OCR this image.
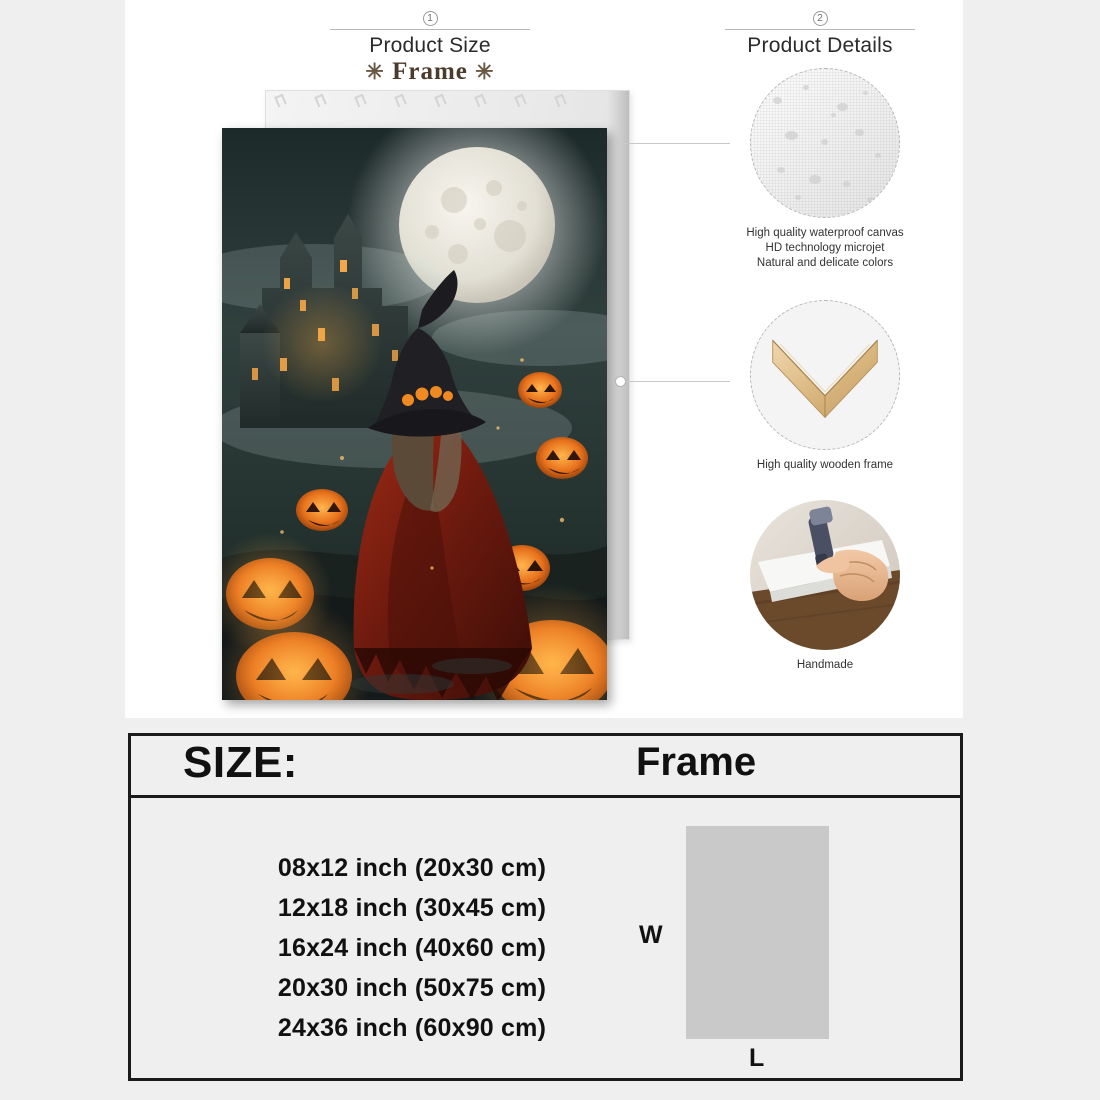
1
Product Size
2
Product Details
✳ Frame ✳
High quality waterproof canvas
HD technology microjet
Natural and delicate colors
High quality wooden frame
Handmade
SIZE:	Frame
08x12 inch (20x30 cm)
12x18 inch (30x45 cm)
16x24 inch (40x60 cm)
20x30 inch (50x75 cm)
24x36 inch (60x90 cm)
W
L
